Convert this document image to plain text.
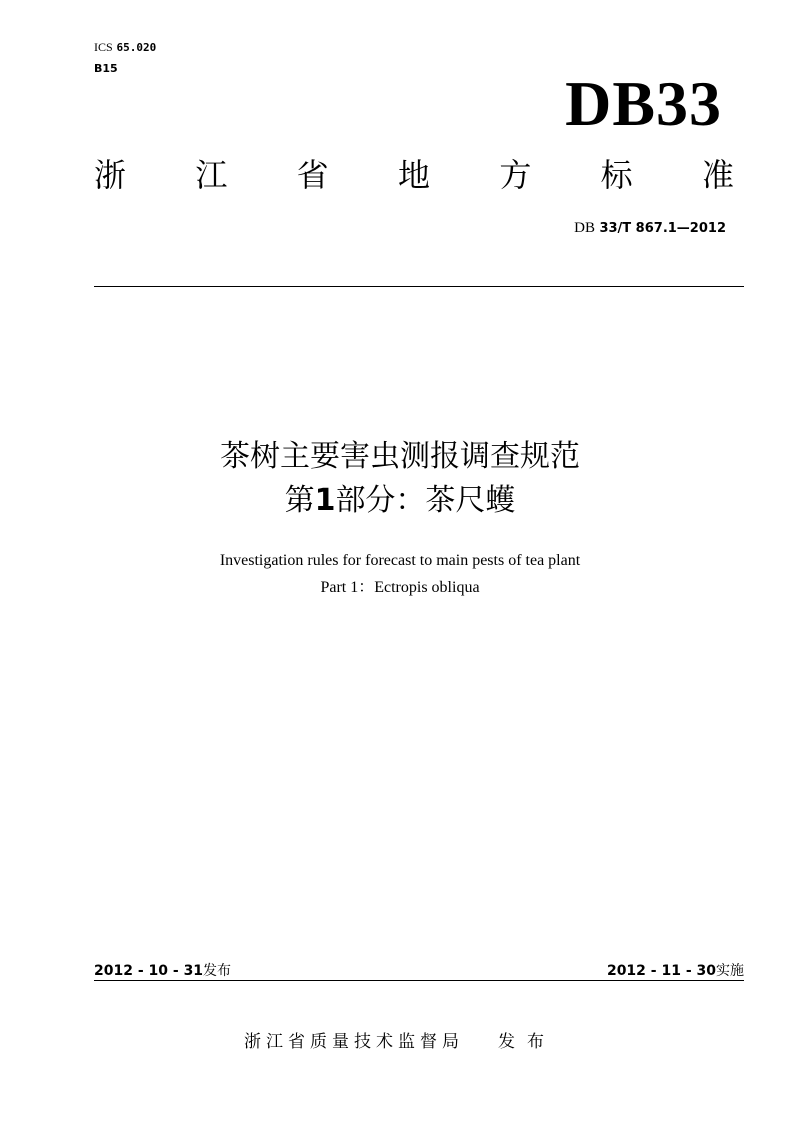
ICS 65.020
B15	DB33
浙 江 省 地 方 标 准
DB 33/T 867.1—2012
茶树主要害虫测报调查规范
第1部分：茶尺蠖
Investigation rules for forecast to main pests of tea plant
Part 1：Ectropis obliqua
2012 - 10 - 31发布	2012 - 11 - 30实施
浙江省质量技术监督局 发布
